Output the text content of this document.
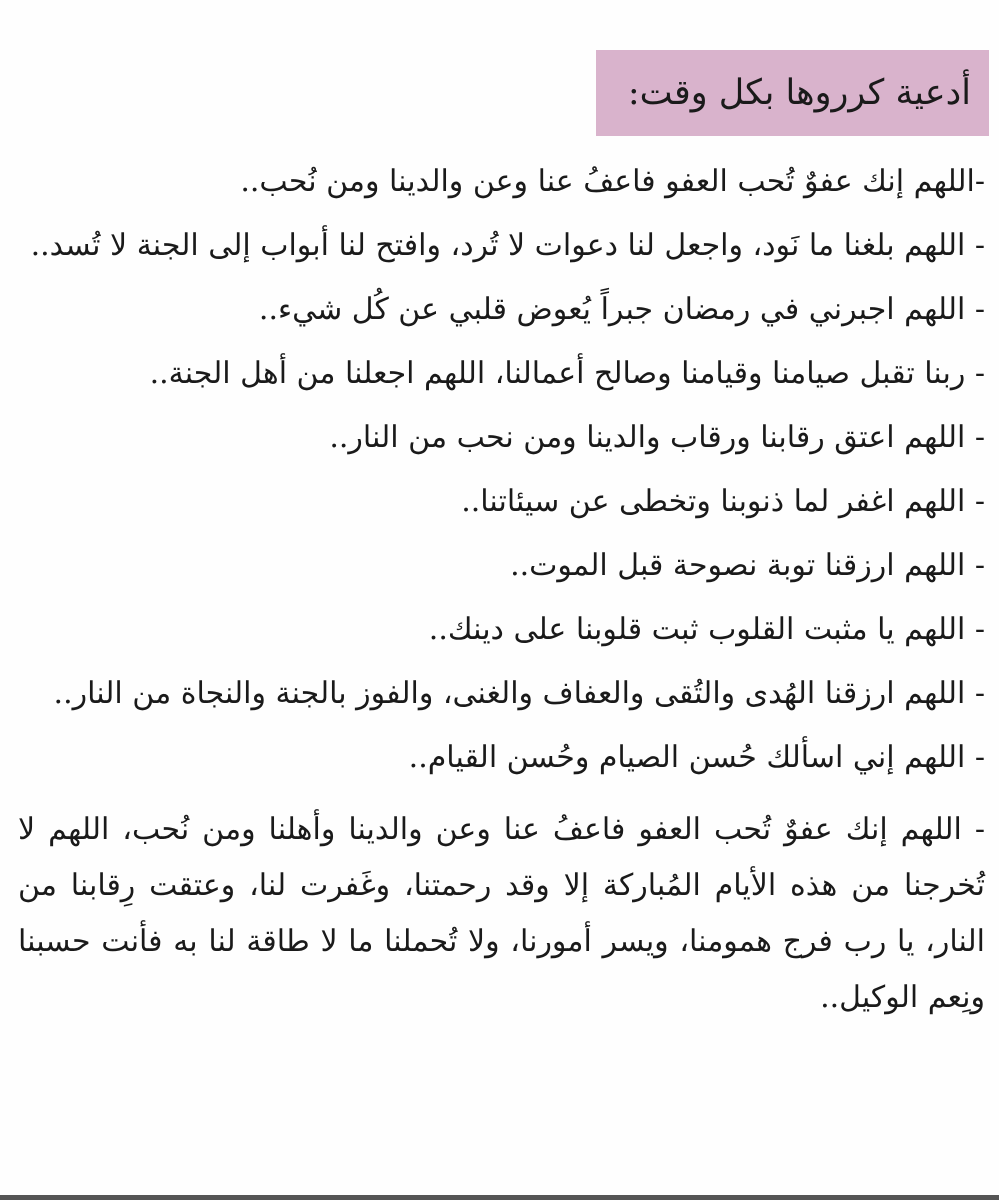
أدعية كرروها بكل وقت:
-اللهم إنك عفوٌ تُحب العفو فاعفُ عنا وعن والدينا ومن نُحب..
- اللهم بلغنا ما نَود، واجعل لنا دعوات لا تُرد، وافتح لنا أبواب إلى الجنة لا تُسد..
- اللهم اجبرني في رمضان جبراً يُعوض قلبي عن كُل شيء..
- ربنا تقبل صيامنا وقيامنا وصالح أعمالنا، اللهم اجعلنا من أهل الجنة..
- اللهم اعتق رقابنا ورقاب والدينا ومن نحب من النار..
- اللهم اغفر لما ذنوبنا وتخطى عن سيئاتنا..
- اللهم ارزقنا توبة نصوحة قبل الموت..
- اللهم يا مثبت القلوب ثبت قلوبنا على دينك..
- اللهم ارزقنا الهُدى والتُقى والعفاف والغنى، والفوز بالجنة والنجاة من النار..
- اللهم إني اسألك حُسن الصيام وحُسن القيام..
- اللهم إنك عفوٌ تُحب العفو فاعفُ عنا وعن والدينا وأهلنا ومن نُحب، اللهم لا تُخرجنا من هذه الأيام المُباركة إلا وقد رحمتنا، وغَفرت لنا، وعتقت رِقابنا من النار، يا رب فرج همومنا، ويسر أمورنا، ولا تُحملنا ما لا طاقة لنا به فأنت حسبنا ونِعم الوكيل..
